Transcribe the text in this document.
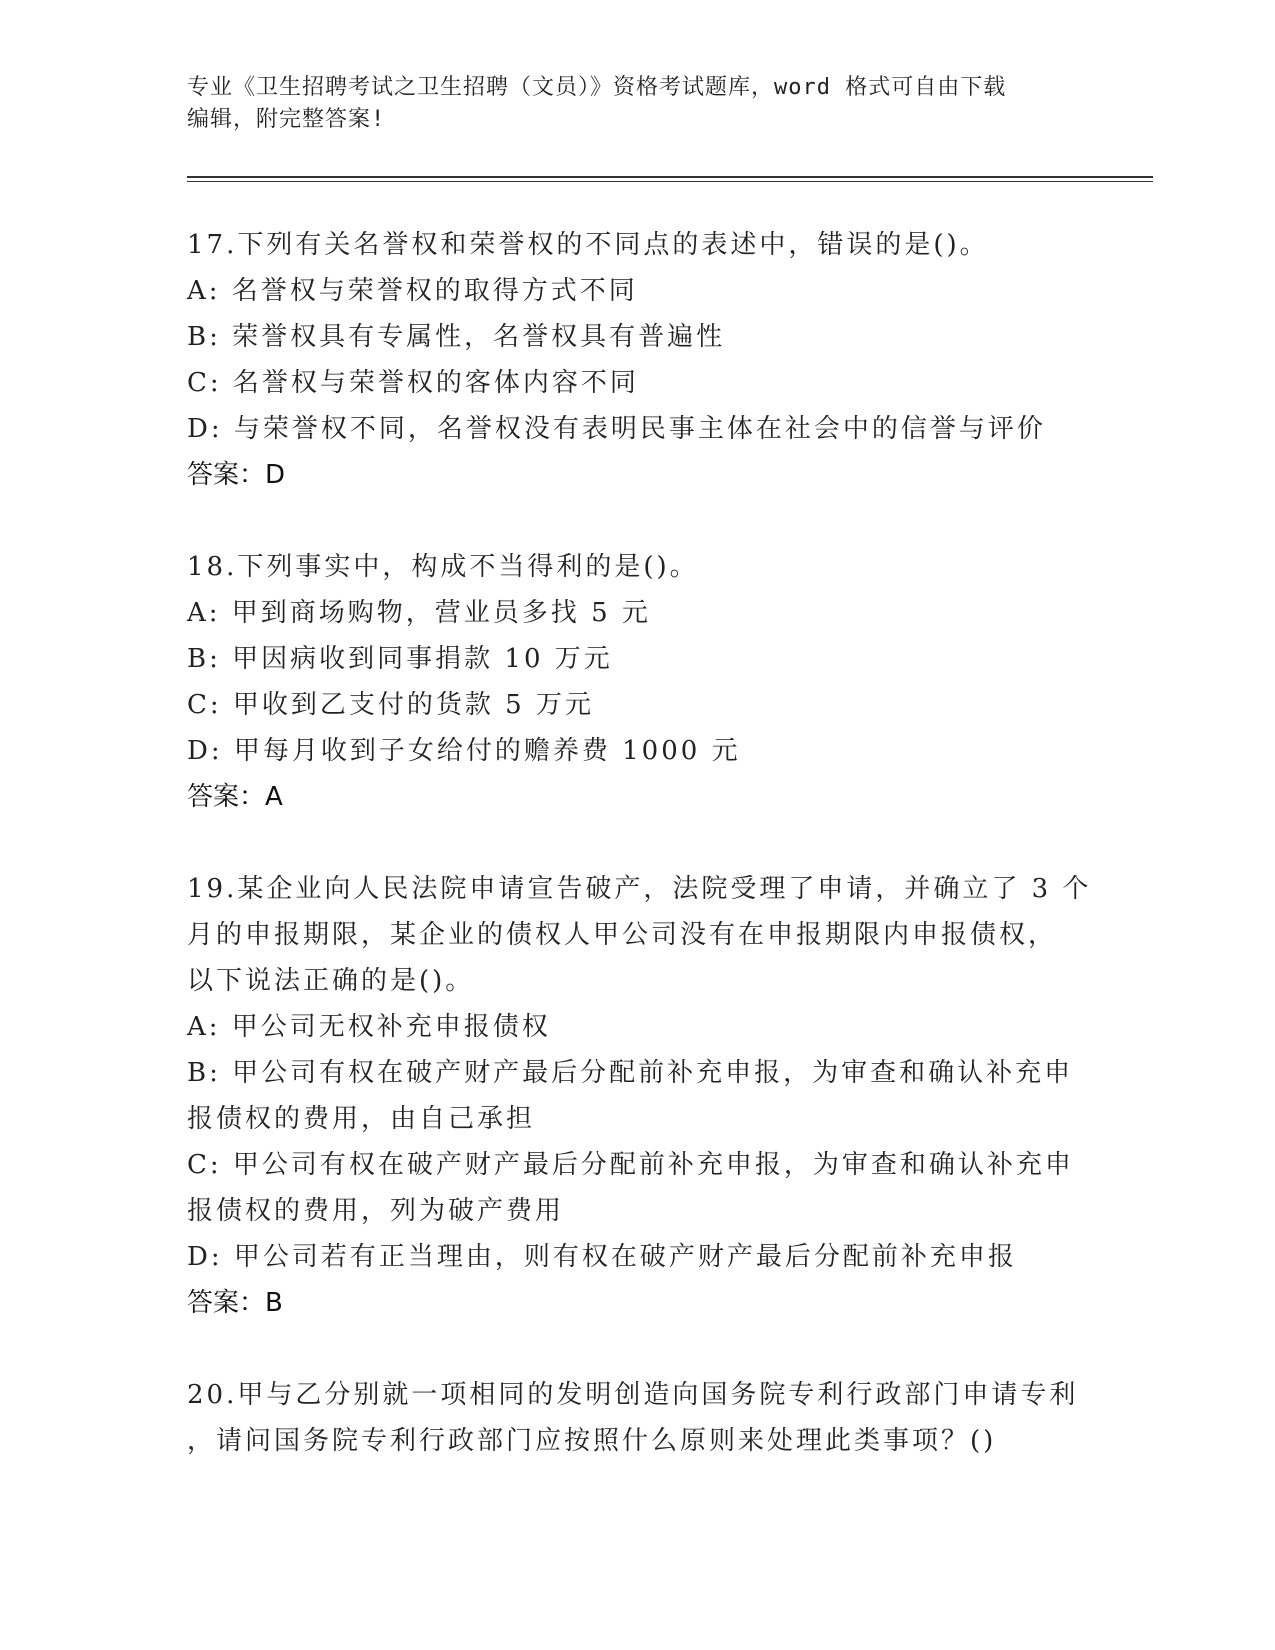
专业《卫生招聘考试之卫生招聘（文员）》资格考试题库，word 格式可自由下载
编辑，附完整答案!

17.下列有关名誉权和荣誉权的不同点的表述中，错误的是()。

A: 名誉权与荣誉权的取得方式不同

B: 荣誉权具有专属性，名誉权具有普遍性

C: 名誉权与荣誉权的客体内容不同

D: 与荣誉权不同，名誉权没有表明民事主体在社会中的信誉与评价

答案：D

18.下列事实中，构成不当得利的是()。

A: 甲到商场购物，营业员多找 5 元

B: 甲因病收到同事捐款 10 万元

C: 甲收到乙支付的货款 5 万元

D: 甲每月收到子女给付的赡养费 1000 元

答案：A

19.某企业向人民法院申请宣告破产，法院受理了申请，并确立了 3 个

月的申报期限，某企业的债权人甲公司没有在申报期限内申报债权，

以下说法正确的是()。

A: 甲公司无权补充申报债权

B: 甲公司有权在破产财产最后分配前补充申报，为审查和确认补充申

报债权的费用，由自己承担

C: 甲公司有权在破产财产最后分配前补充申报，为审查和确认补充申

报债权的费用，列为破产费用

D: 甲公司若有正当理由，则有权在破产财产最后分配前补充申报

答案：B

20.甲与乙分别就一项相同的发明创造向国务院专利行政部门申请专利

，请问国务院专利行政部门应按照什么原则来处理此类事项？()
